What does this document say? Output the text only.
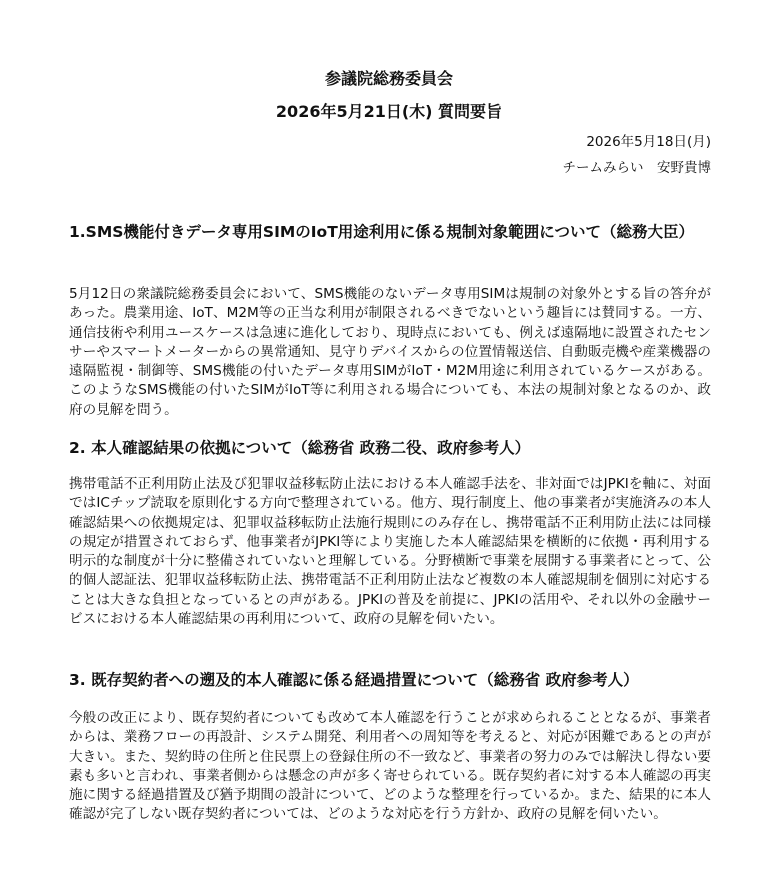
参議院総務委員会
2026年5月21日(木) 質問要旨

2026年5月18日(月)

チームみらい　安野貴博

1.SMS機能付きデータ専用SIMのIoT用途利用に係る規制対象範囲について（総務大臣）

5月12日の衆議院総務委員会において、SMS機能のないデータ専用SIMは規制の対象外とする旨の答弁があった。農業用途、IoT、M2M等の正当な利用が制限されるべきでないという趣旨には賛同する。一方、通信技術や利用ユースケースは急速に進化しており、現時点においても、例えば遠隔地に設置されたセンサーやスマートメーターからの異常通知、見守りデバイスからの位置情報送信、自動販売機や産業機器の遠隔監視・制御等、SMS機能の付いたデータ専用SIMがIoT・M2M用途に利用されているケースがある。このようなSMS機能の付いたSIMがIoT等に利用される場合についても、本法の規制対象となるのか、政府の見解を問う。

2. 本人確認結果の依拠について（総務省 政務二役、政府参考人）

携帯電話不正利用防止法及び犯罪収益移転防止法における本人確認手法を、非対面ではJPKIを軸に、対面ではICチップ読取を原則化する方向で整理されている。他方、現行制度上、他の事業者が実施済みの本人確認結果への依拠規定は、犯罪収益移転防止法施行規則にのみ存在し、携帯電話不正利用防止法には同様の規定が措置されておらず、他事業者がJPKI等により実施した本人確認結果を横断的に依拠・再利用する明示的な制度が十分に整備されていないと理解している。分野横断で事業を展開する事業者にとって、公的個人認証法、犯罪収益移転防止法、携帯電話不正利用防止法など複数の本人確認規制を個別に対応することは大きな負担となっているとの声がある。JPKIの普及を前提に、JPKIの活用や、それ以外の金融サービスにおける本人確認結果の再利用について、政府の見解を伺いたい。

3. 既存契約者への遡及的本人確認に係る経過措置について（総務省 政府参考人）

今般の改正により、既存契約者についても改めて本人確認を行うことが求められることとなるが、事業者からは、業務フローの再設計、システム開発、利用者への周知等を考えると、対応が困難であるとの声が大きい。また、契約時の住所と住民票上の登録住所の不一致など、事業者の努力のみでは解決し得ない要素も多いと言われ、事業者側からは懸念の声が多く寄せられている。既存契約者に対する本人確認の再実施に関する経過措置及び猶予期間の設計について、どのような整理を行っているか。また、結果的に本人確認が完了しない既存契約者については、どのような対応を行う方針か、政府の見解を伺いたい。
